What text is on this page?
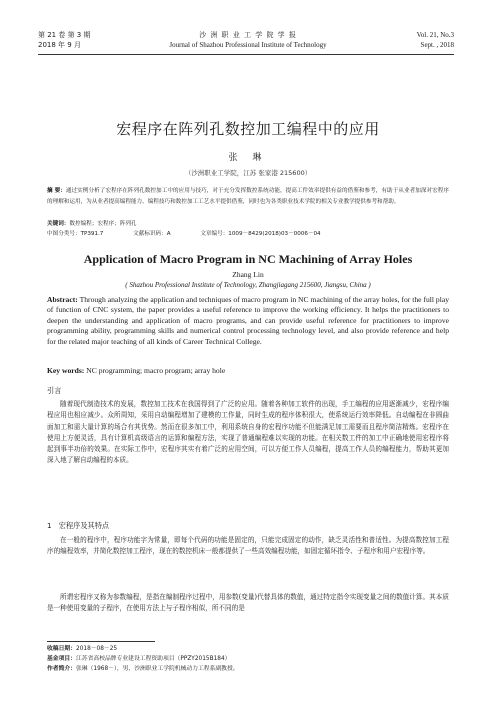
第 21 卷 第 3 期
2018 年 9 月
沙 洲 职 业 工 学 院 学 报
Journal of Shazhou Professional Institute of Technology
Vol. 21, No.3
Sept. , 2018
宏程序在阵列孔数控加工编程中的应用
张 琳
（沙洲职业工学院，江苏 张家港 215600）
摘 要：通过实例分析了宏程序在阵列孔数控加工中的应用与技巧，对于充分发挥数控系统功能，提高工件效率提供有益的借鉴和参考，有助于从业者加深对宏程序的理解和运用，为从业者提高编程能力、编程技巧和数控加工工艺水平提供借鉴，同时也为各类职业技术学院的相关专业教学提供参考和帮助。
关键词：数控编程；宏程序；阵列孔
中图分类号：TP391.7	文献标识码：A	文章编号：1009－8429(2018)03－0006－04
Application of Macro Program in NC Machining of Array Holes
Zhang Lin
( Shazhou Professional Institute of Technology, Zhangjiagang 215600, Jiangsu, China )
Abstract: Through analyzing the application and techniques of macro program in NC machining of the array holes, for the full play of function of CNC system, the paper provides a useful reference to improve the working efficiency. It helps the practitioners to deepen the understanding and application of macro programs, and can provide useful reference for practitioners to improve programming ability, programming skills and numerical control processing technology level, and also provide reference and help for the related major teaching of all kinds of Career Technical College.
Key words: NC programming; macro program; array hole
引言
随着现代制造技术的发展，数控加工技术在我国得到了广泛的应用。随着各种加工软件的出现，手工编程的应用逐渐减少，宏程序编程应用也相应减少。众所周知，采用自动编程增加了建模的工作量，同时生成的程序体积很大，使系统运行效率降低。自动编程在非圆曲面加工和需大量计算的场合有其优势。然而在很多加工中，利用系统自身的宏程序功能不但能满足加工需要而且程序简洁精炼。宏程序在使用上方便灵活，具有计算机高级语言的运算和编程方法，实现了普通编程难以实现的功能。在相关数工件的加工中正确地使用宏程序将起到事半功倍的效果。在实际工作中，宏程序其实有着广泛的应用空间，可以方便工作人员编程，提高工作人员的编程能力，帮助其更加深入地了解自动编程的本质。
1　宏程序及其特点
在一般的程序中，程序功能字为常量，即每个代码的功能是固定的，只能完成固定的动作，缺乏灵活性和普适性。为提高数控加工程序的编程效率，并简化数控加工程序，现在的数控机床一般都提供了一些高效编程功能，如固定循环指令、子程序和用户宏程序等。
所谓宏程序又称为参数编程，是指在编制程序过程中，用参数(变量)代替具体的数值，通过特定指令实现变量之间的数值计算。其本质是一种使用变量的子程序，在使用方法上与子程序相似，所不同的是
收稿日期：2018－08－25
基金项目：江苏省高校品牌专业建设工程资助项目（PPZY2015B184）
作者简介：张琳（1968－），男，沙洲职业工学院机械动力工程系副教授。
